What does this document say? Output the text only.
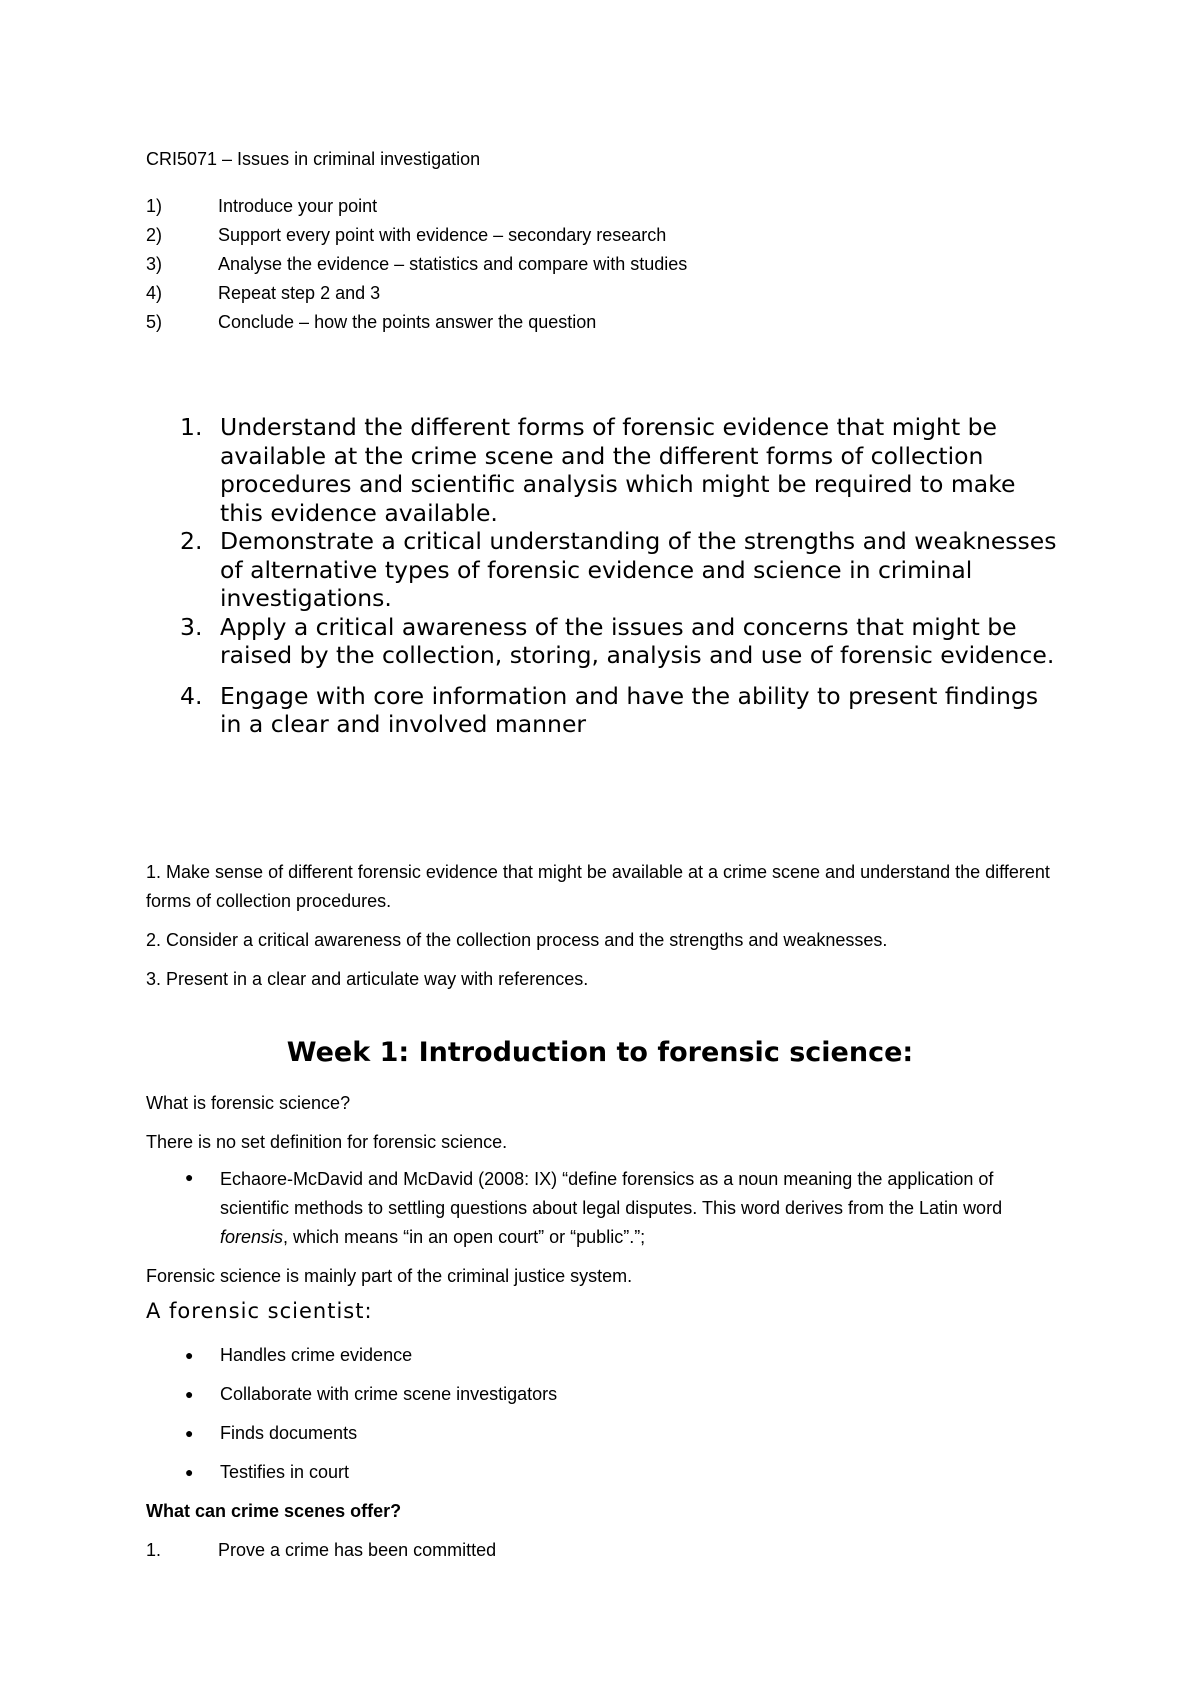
CRI5071 – Issues in criminal investigation
1)	Introduce your point
2)	Support every point with evidence – secondary research
3)	Analyse the evidence – statistics and compare with studies
4)	Repeat step 2 and 3
5)	Conclude – how the points answer the question
1. Understand the different forms of forensic evidence that might be available at the crime scene and the different forms of collection procedures and scientific analysis which might be required to make this evidence available.
2. Demonstrate a critical understanding of the strengths and weaknesses of alternative types of forensic evidence and science in criminal investigations.
3. Apply a critical awareness of the issues and concerns that might be raised by the collection, storing, analysis and use of forensic evidence.
4. Engage with core information and have the ability to present findings in a clear and involved manner

1. Make sense of different forensic evidence that might be available at a crime scene and understand the different forms of collection procedures.

2. Consider a critical awareness of the collection process and the strengths and weaknesses.

3. Present in a clear and articulate way with references.

Week 1: Introduction to forensic science:
What is forensic science?
There is no set definition for forensic science.
●	Echaore-McDavid and McDavid (2008: IX) “define forensics as a noun meaning the application of scientific methods to settling questions about legal disputes. This word derives from the Latin word forensis, which means “in an open court” or “public”.”;
Forensic science is mainly part of the criminal justice system.
A forensic scientist:
●	Handles crime evidence
●	Collaborate with crime scene investigators
●	Finds documents
●	Testifies in court
What can crime scenes offer?
1.	Prove a crime has been committed
